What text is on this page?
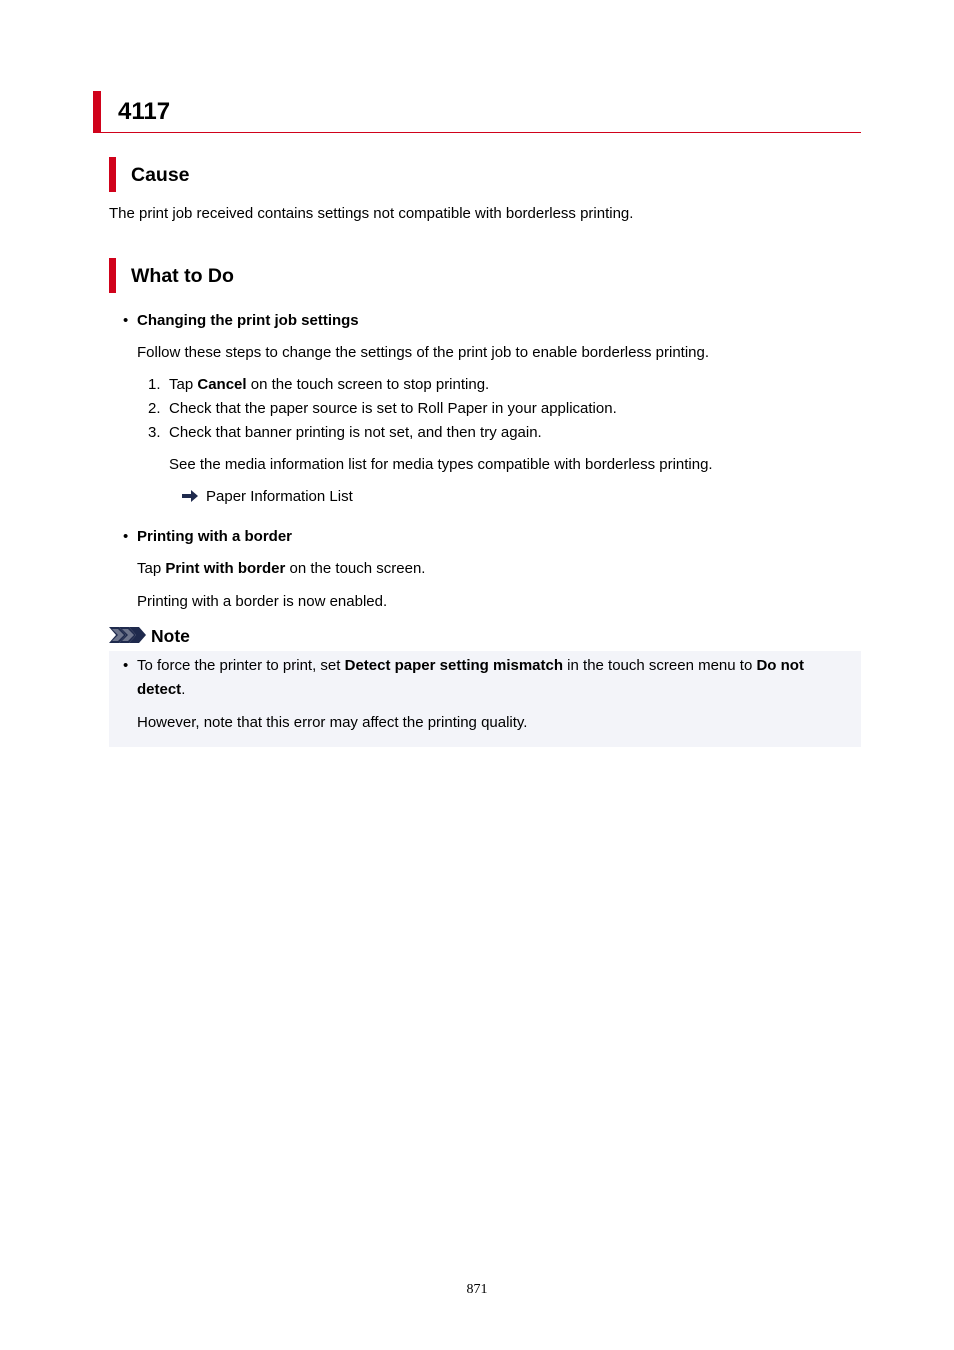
4117
Cause
The print job received contains settings not compatible with borderless printing.
What to Do
• Changing the print job settings
Follow these steps to change the settings of the print job to enable borderless printing.
1. Tap Cancel on the touch screen to stop printing.
2. Check that the paper source is set to Roll Paper in your application.
3. Check that banner printing is not set, and then try again.
See the media information list for media types compatible with borderless printing.
Paper Information List
• Printing with a border
Tap Print with border on the touch screen.
Printing with a border is now enabled.
Note
• To force the printer to print, set Detect paper setting mismatch in the touch screen menu to Do not
detect.
However, note that this error may affect the printing quality.
871
